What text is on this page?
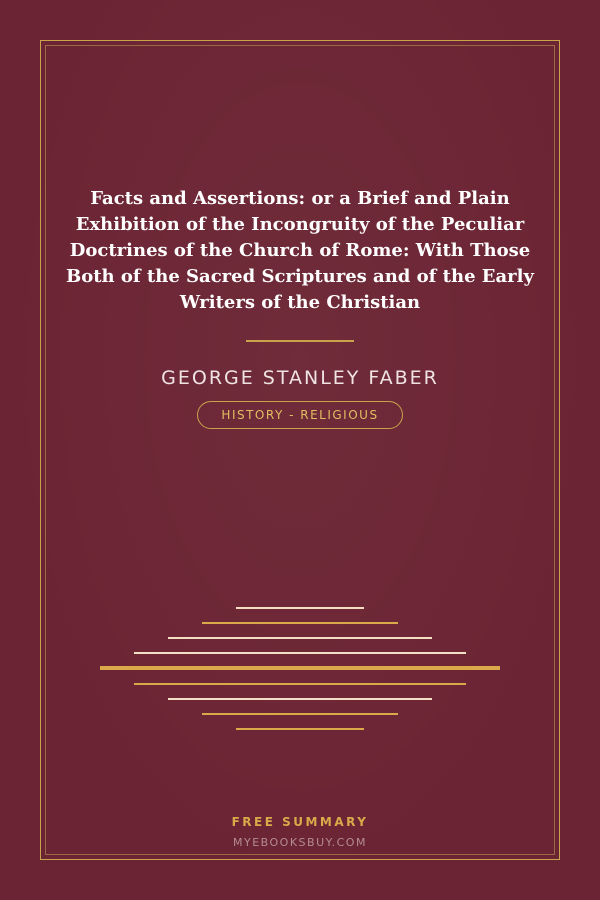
Facts and Assertions: or a Brief and Plain Exhibition of the Incongruity of the Peculiar Doctrines of the Church of Rome: With Those Both of the Sacred Scriptures and of the Early Writers of the Christian
GEORGE STANLEY FABER
HISTORY - RELIGIOUS
FREE SUMMARY
MYEBOOKSBUY.COM
